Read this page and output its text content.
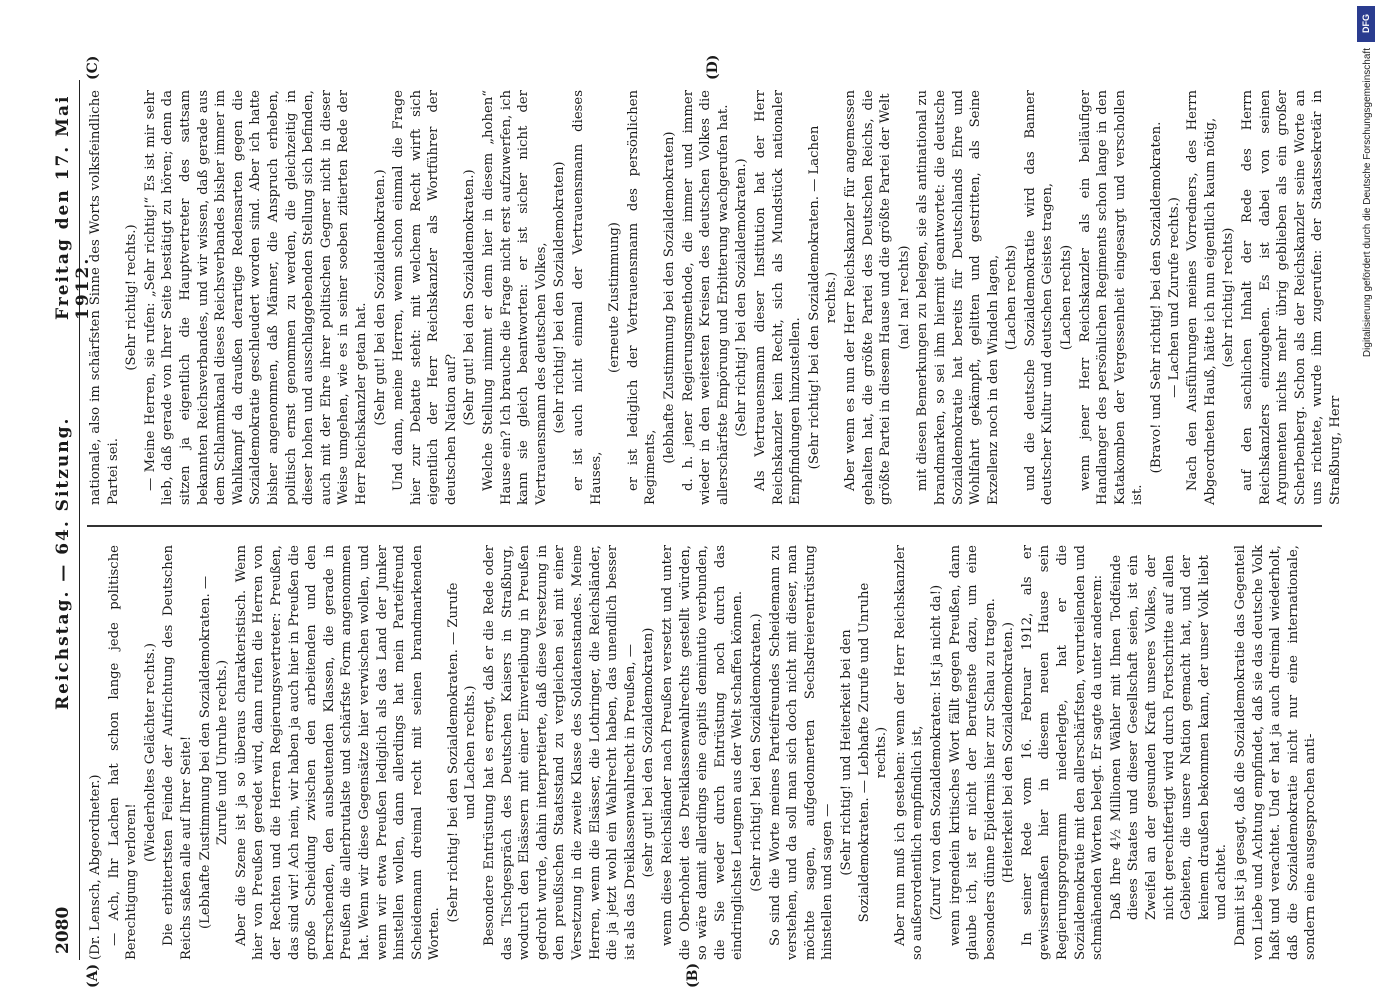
2080
Reichstag. — 64. Sitzung.
Freitag den 17. Mai 1912.
(A)	(B)
(C)	(D)

(Dr. Lensch, Abgeordneter.) — Ach, Ihr Lachen hat schon lange jede politische Berechtigung verloren!

(Wiederholtes Gelächter rechts.) Die erbittertsten Feinde der Aufrichtung des Deutschen Reichs saßen alle auf Ihrer Seite! (Lebhafte Zustimmung bei den Sozialdemokraten. — Zurufe und Unruhe rechts.) Aber die Szene ist ja so überaus charakteristisch. Wenn hier von Preußen geredet wird, dann rufen die Herren von der Rechten und die Herren Regierungsvertreter: Preußen, das sind wir! Ach nein, wir haben ja auch hier in Preußen die große Scheidung zwischen den arbeitenden und den herrschenden, den ausbeutenden Klassen, die gerade in Preußen die allerbrutalste und schärfste Form angenommen hat. Wenn wir diese Gegensätze hier verwischen wollen, und wenn wir etwa Preußen lediglich als das Land der Junker hinstellen wollen, dann allerdings hat mein Parteifreund Scheidemann dreimal recht mit seinen brandmarkenden Worten.

(Sehr richtig! bei den Sozialdemokraten. — Zurufe und Lachen rechts.) Besondere Entrüstung hat es erregt, daß er die Rede oder das Tischgespräch des Deutschen Kaisers in Straßburg, wodurch den Elsässern mit einer Einverleibung in Preußen gedroht wurde, dahin interpretierte, daß diese Versetzung in den preußischen Staatsstand zu vergleichen sei mit einer Versetzung in die zweite Klasse des Soldatenstandes. Meine Herren, wenn die Elsässer, die Lothringer, die Reichsländer, die ja jetzt wohl ein Wahlrecht haben, das unendlich besser ist als das Dreiklassenwahlrecht in Preußen, — (sehr gut! bei den Sozialdemokraten) wenn diese Reichsländer nach Preußen versetzt und unter die Oberhoheit des Dreiklassenwahlrechts gestellt würden, so wäre damit allerdings eine capitis deminutio verbunden, die Sie weder durch Entrüstung noch durch das eindringlichste Leugnen aus der Welt schaffen können. (Sehr richtig! bei den Sozialdemokraten.) So sind die Worte meines Parteifreundes Scheidemann zu verstehen, und da soll man sich doch nicht mit dieser, man möchte sagen, aufgedonnerten Sechsdreierentrüstung hinstellen und sagen —

(Sehr richtig! und Heiterkeit bei den Sozialdemokraten. — Lebhafte Zurufe und Unruhe rechts.) Aber nun muß ich gestehen: wenn der Herr Reichskanzler so außerordentlich empfindlich ist, (Zuruf von den Sozialdemokraten: Ist ja nicht da!) wenn irgendein kritisches Wort fällt gegen Preußen, dann glaube ich, ist er nicht der Berufenste dazu, um eine besonders dünne Epidermis hier zur Schau zu tragen. (Heiterkeit bei den Sozialdemokraten.) In seiner Rede vom 16. Februar 1912, als er gewissermaßen hier in diesem neuen Hause sein Regierungsprogramm niederlegte, hat er die Sozialdemokratie mit den allerschärfsten, verurteilenden und schmähenden Worten belegt. Er sagte da unter anderem: Daß Ihre 4½ Millionen Wähler mit Ihnen Todfeinde dieses Staates und dieser Gesellschaft seien, ist ein Zweifel an der gesunden Kraft unseres Volkes, der nicht gerechtfertigt wird durch Fortschritte auf allen Gebieten, die unsere Nation gemacht hat, und der keinem draußen bekommen kann, der unser Volk liebt und achtet. Damit ist ja gesagt, daß die Sozialdemokratie das Gegenteil von Liebe und Achtung empfindet, daß sie das deutsche Volk haßt und verachtet. Und er hat ja auch dreimal wiederholt, daß die Sozialdemokratie nicht nur eine internationale, sondern eine ausgesprochen anti-

nationale, also im schärfsten Sinne des Worts volksfeindliche Partei sei.

(Sehr richtig! rechts.) — Meine Herren, sie rufen: „Sehr richtig!“ Es ist mir sehr lieb, daß gerade von Ihrer Seite bestätigt zu hören; denn da sitzen ja eigentlich die Hauptvertreter des sattsam bekannten Reichsverbandes, und wir wissen, daß gerade aus dem Schlammkanal dieses Reichsverbandes bisher immer im Wahlkampf da draußen derartige Redensarten gegen die Sozialdemokratie geschleudert worden sind. Aber ich hatte bisher angenommen, daß Männer, die Anspruch erheben, politisch ernst genommen zu werden, die gleichzeitig in dieser hohen und ausschlaggebenden Stellung sich befinden, auch mit der Ehre ihrer politischen Gegner nicht in dieser Weise umgehen, wie es in seiner soeben zitierten Rede der Herr Reichskanzler getan hat. (Sehr gut! bei den Sozialdemokraten.) Und dann, meine Herren, wenn schon einmal die Frage hier zur Debatte steht: mit welchem Recht wirft sich eigentlich der Herr Reichskanzler als Wortführer der deutschen Nation auf?

(Sehr gut! bei den Sozialdemokraten.) Welche Stellung nimmt er denn hier in diesem „hohen“ Hause ein? Ich brauche die Frage nicht erst aufzuwerfen, ich kann sie gleich beantworten: er ist sicher nicht der Vertrauensmann des deutschen Volkes, (sehr richtig! bei den Sozialdemokraten) er ist auch nicht einmal der Vertrauensmann dieses Hauses,

(erneute Zustimmung) er ist lediglich der Vertrauensmann des persönlichen Regiments,

(lebhafte Zustimmung bei den Sozialdemokraten) d. h. jener Regierungsmethode, die immer und immer wieder in den weitesten Kreisen des deutschen Volkes die allerschärfste Empörung und Erbitterung wachgerufen hat. (Sehr richtig! bei den Sozialdemokraten.) Als Vertrauensmann dieser Institution hat der Herr Reichskanzler kein Recht, sich als Mundstück nationaler Empfindungen hinzustellen. (Sehr richtig! bei den Sozialdemokraten. — Lachen rechts.) Aber wenn es nun der Herr Reichskanzler für angemessen gehalten hat, die größte Partei des Deutschen Reichs, die größte Partei in diesem Hause und die größte Partei der Welt (na! na! rechts) mit diesen Bemerkungen zu belegen, sie als antinational zu brandmarken, so sei ihm hiermit geantwortet: die deutsche Sozialdemokratie hat bereits für Deutschlands Ehre und Wohlfahrt gekämpft, gelitten und gestritten, als Seine Exzellenz noch in den Windeln lagen, (Lachen rechts) und die deutsche Sozialdemokratie wird das Banner deutscher Kultur und deutschen Geistes tragen, (Lachen rechts) wenn jener Herr Reichskanzler als ein beiläufiger Handlanger des persönlichen Regiments schon lange in den Katakomben der Vergessenheit eingesargt und verschollen ist.

(Bravo! und Sehr richtig! bei den Sozialdemokraten. — Lachen und Zurufe rechts.) Nach den Ausführungen meines Vorredners, des Herrn Abgeordneten Hauß, hätte ich nun eigentlich kaum nötig, (sehr richtig! rechts) auf den sachlichen Inhalt der Rede des Herrn Reichskanzlers einzugehen. Es ist dabei von seinen Argumenten nichts mehr übrig geblieben als ein großer Scherbenberg. Schon als der Reichskanzler seine Worte an uns richtete, wurde ihm zugerufen: der Staatssekretär in Straßburg, Herr

DFG
Digitalisierung gefördert durch die Deutsche Forschungsgemeinschaft
